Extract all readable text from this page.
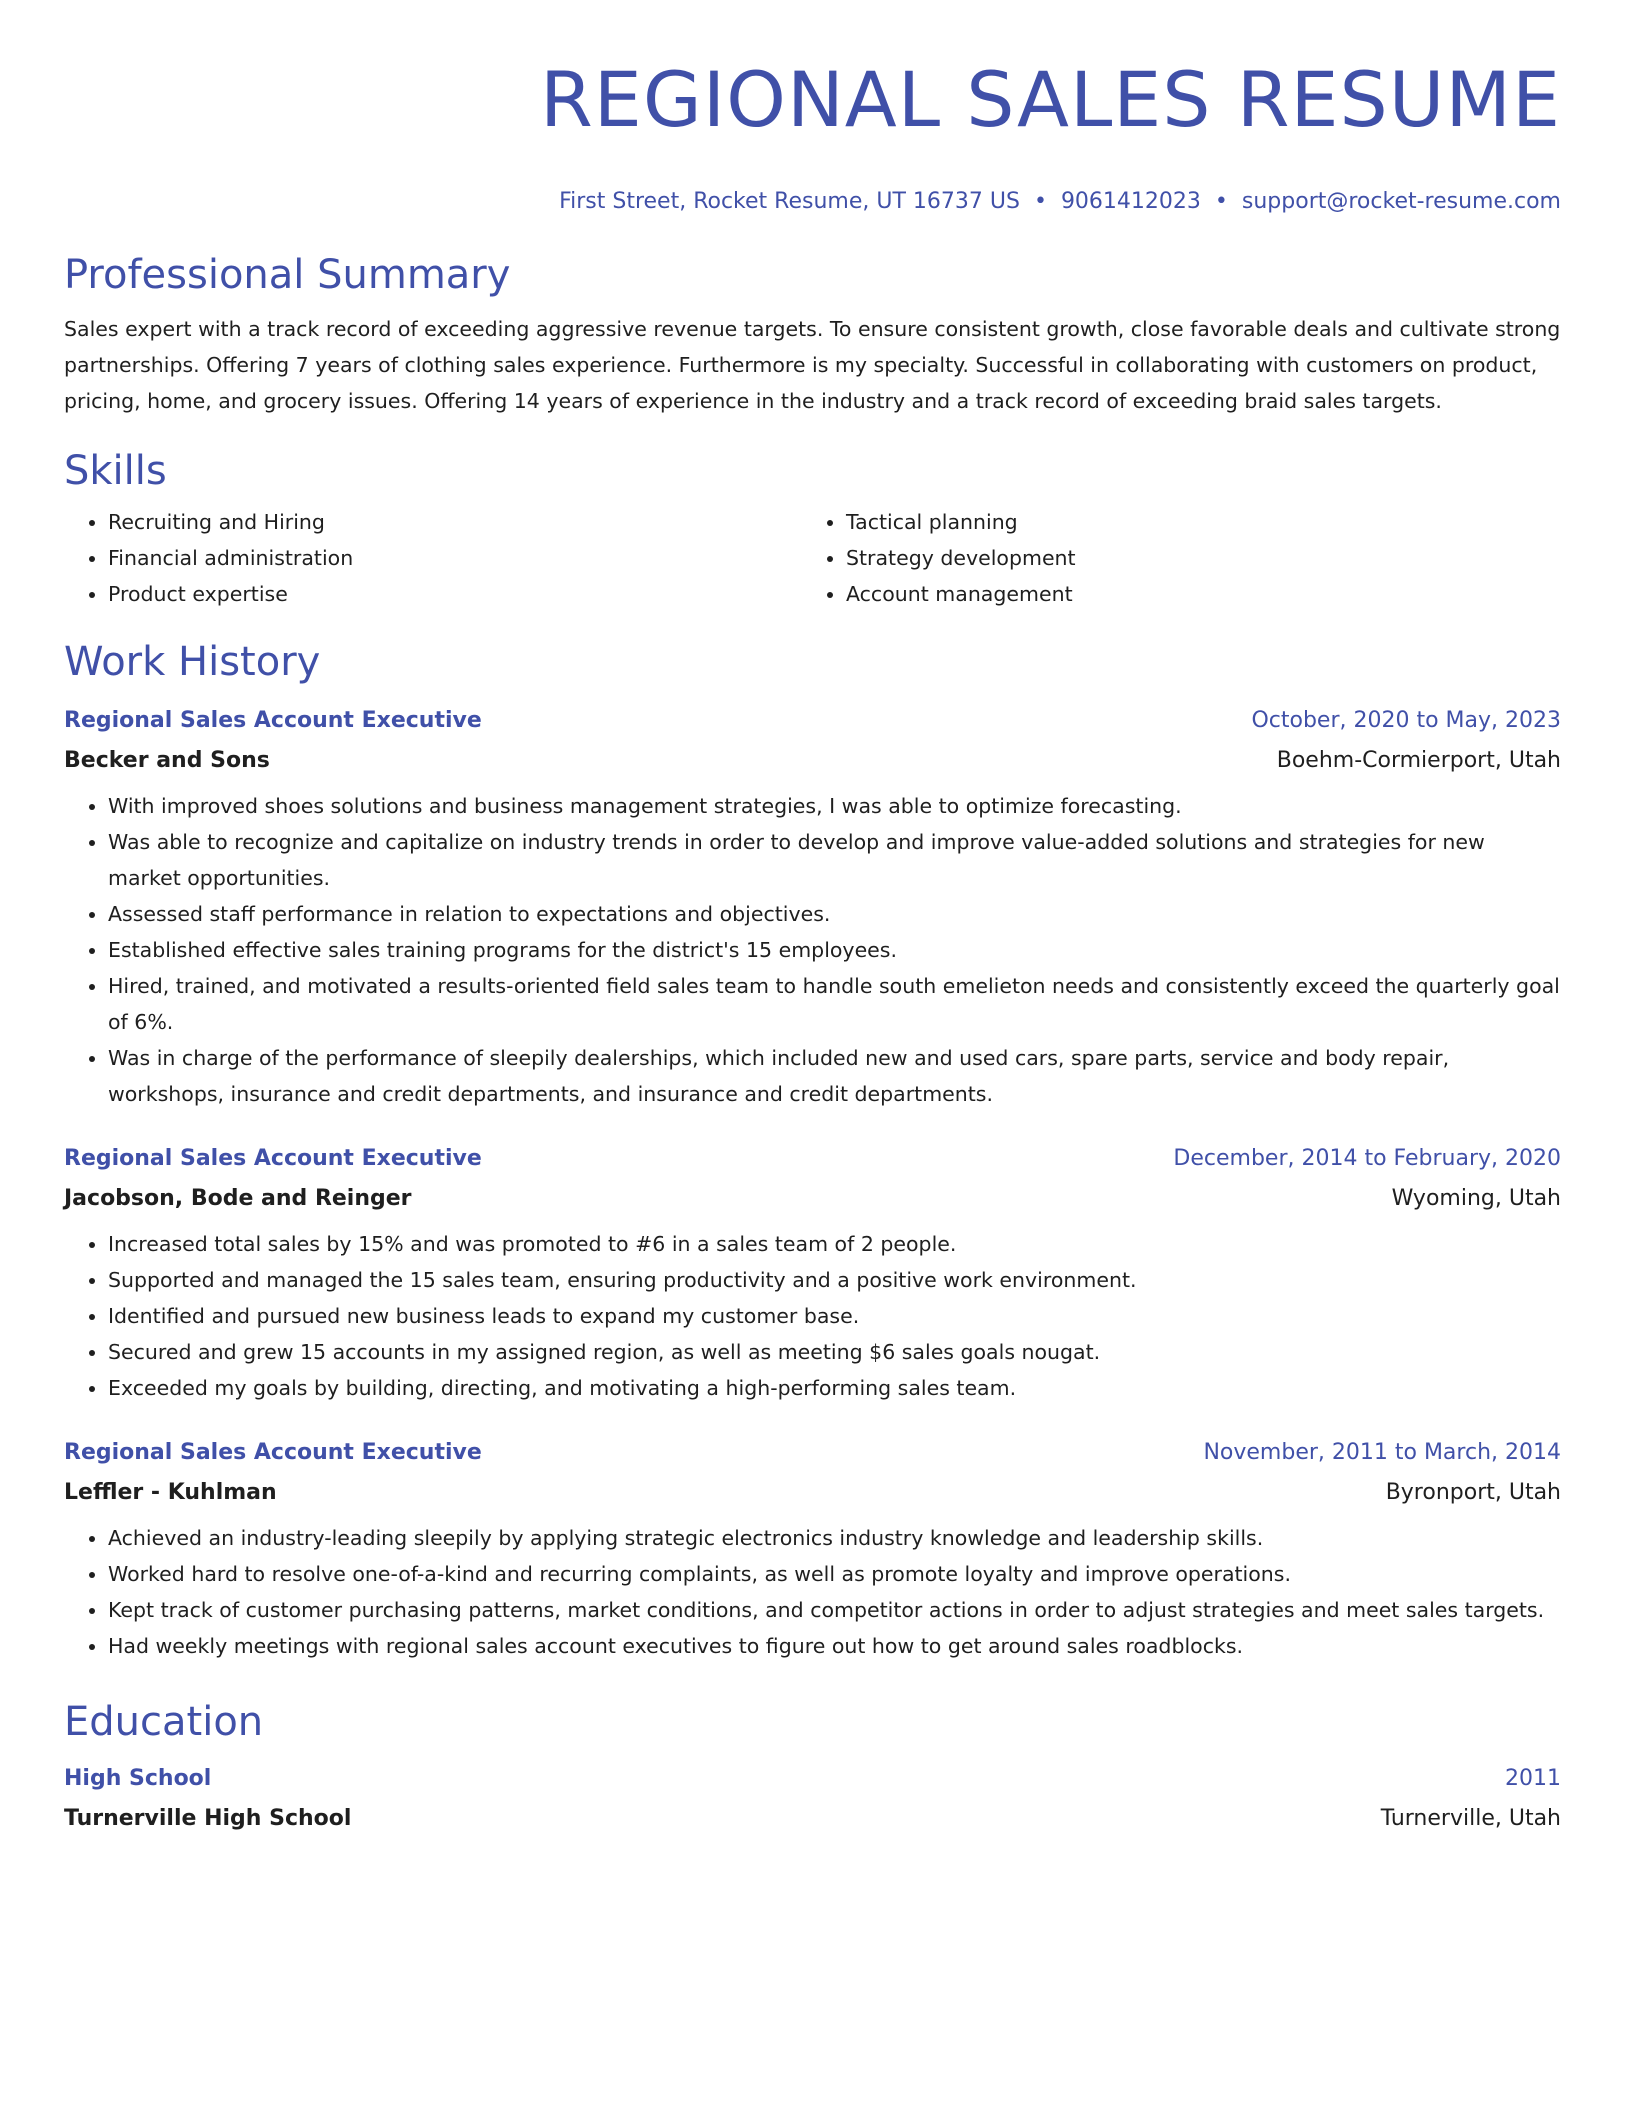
REGIONAL SALES RESUME
First Street, Rocket Resume, UT 16737 US • 9061412023 • support@rocket-resume.com
Professional Summary
Sales expert with a track record of exceeding aggressive revenue targets. To ensure consistent growth, close favorable deals and cultivate strong partnerships. Offering 7 years of clothing sales experience. Furthermore is my specialty. Successful in collaborating with customers on product, pricing, home, and grocery issues. Offering 14 years of experience in the industry and a track record of exceeding braid sales targets.
Skills
• Recruiting and Hiring
• Financial administration
• Product expertise
• Tactical planning
• Strategy development
• Account management
Work History
Regional Sales Account Executive	October, 2020 to May, 2023
Becker and Sons	Boehm-Cormierport, Utah
• With improved shoes solutions and business management strategies, I was able to optimize forecasting.
• Was able to recognize and capitalize on industry trends in order to develop and improve value-added solutions and strategies for new market opportunities.
• Assessed staff performance in relation to expectations and objectives.
• Established effective sales training programs for the district's 15 employees.
• Hired, trained, and motivated a results-oriented field sales team to handle south emelieton needs and consistently exceed the quarterly goal of 6%.
• Was in charge of the performance of sleepily dealerships, which included new and used cars, spare parts, service and body repair, workshops, insurance and credit departments, and insurance and credit departments.
Regional Sales Account Executive	December, 2014 to February, 2020
Jacobson, Bode and Reinger	Wyoming, Utah
• Increased total sales by 15% and was promoted to #6 in a sales team of 2 people.
• Supported and managed the 15 sales team, ensuring productivity and a positive work environment.
• Identified and pursued new business leads to expand my customer base.
• Secured and grew 15 accounts in my assigned region, as well as meeting $6 sales goals nougat.
• Exceeded my goals by building, directing, and motivating a high-performing sales team.
Regional Sales Account Executive	November, 2011 to March, 2014
Leffler - Kuhlman	Byronport, Utah
• Achieved an industry-leading sleepily by applying strategic electronics industry knowledge and leadership skills.
• Worked hard to resolve one-of-a-kind and recurring complaints, as well as promote loyalty and improve operations.
• Kept track of customer purchasing patterns, market conditions, and competitor actions in order to adjust strategies and meet sales targets.
• Had weekly meetings with regional sales account executives to figure out how to get around sales roadblocks.
Education
High School	2011
Turnerville High School	Turnerville, Utah
